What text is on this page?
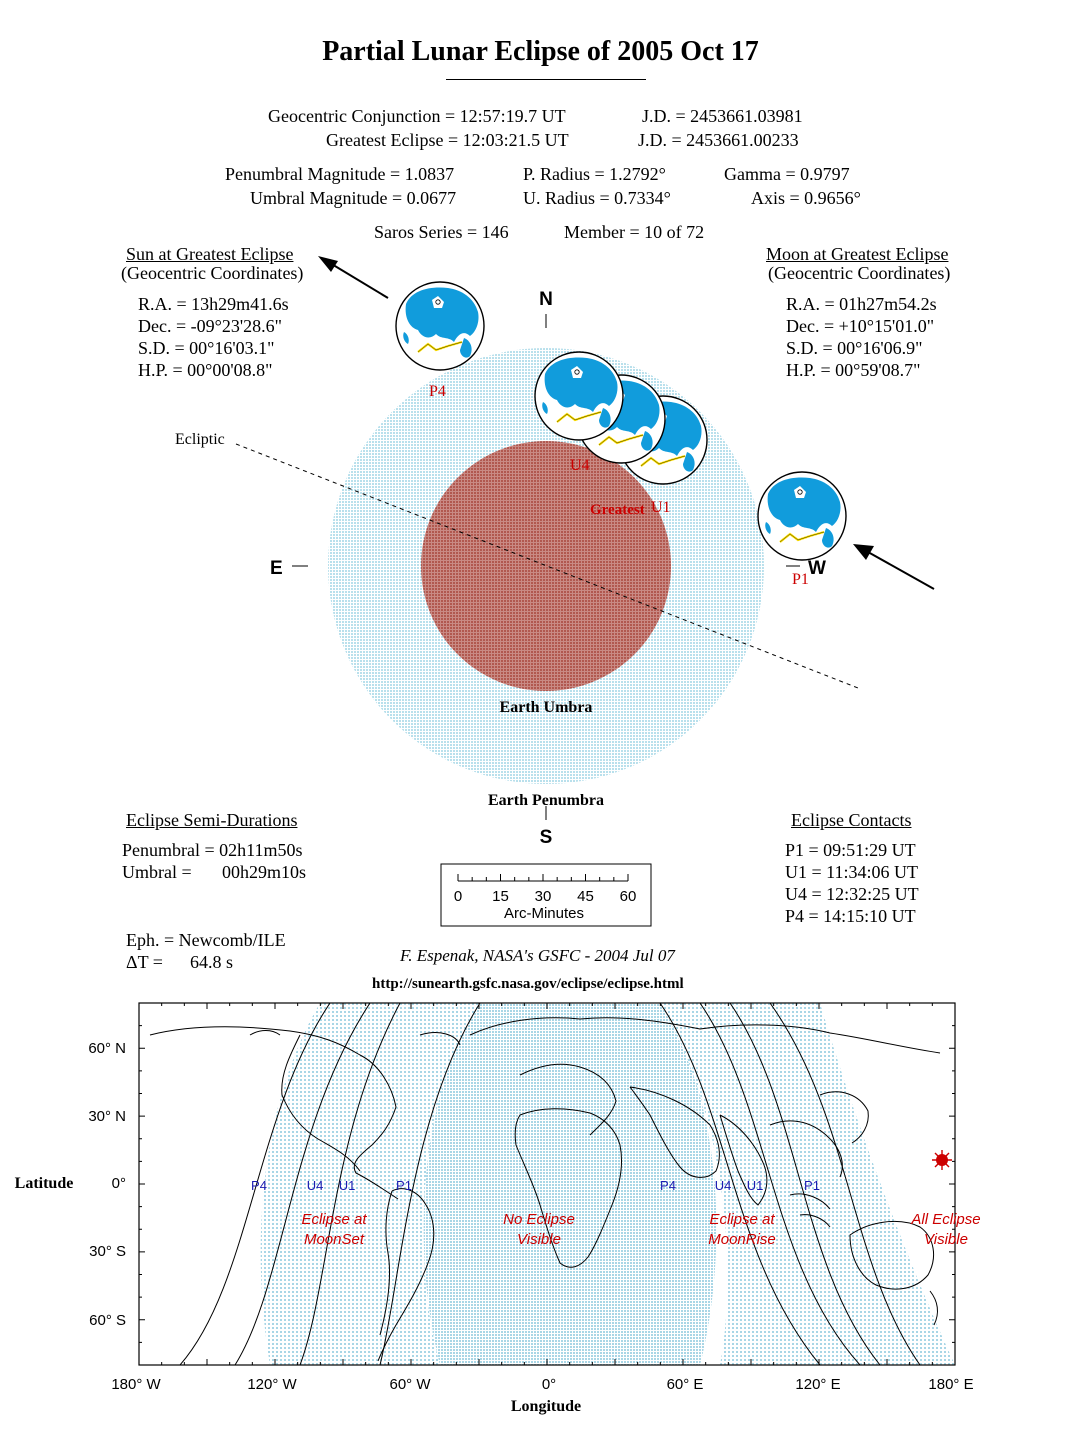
Partial Lunar Eclipse of 2005 Oct 17
Geocentric Conjunction = 12:57:19.7 UT	J.D. = 2453661.03981
Greatest Eclipse = 12:03:21.5 UT	J.D. = 2453661.00233
Penumbral Magnitude = 1.0837	P. Radius = 1.2792°	Gamma = 0.9797
Umbral Magnitude = 0.0677	U. Radius = 0.7334°	Axis = 0.9656°
Saros Series = 146	Member = 10 of 72
Sun at Greatest Eclipse
(Geocentric Coordinates)
R.A. = 13h29m41.6s
Dec. = -09°23'28.6"
S.D. = 00°16'03.1"
H.P. = 00°00'08.8"
Moon at Greatest Eclipse
(Geocentric Coordinates)
R.A. = 01h27m54.2s
Dec. = +10°15'01.0"
S.D. = 00°16'06.9"
H.P. = 00°59'08.7"
N
S
E	W
Ecliptic
Earth Umbra
Earth Penumbra
P1
U1
Greatest
U4
P4
0 15 30 45 60
Arc-Minutes
Eclipse Semi-Durations
Penumbral = 02h11m50s
Umbral = 00h29m10s
Eclipse Contacts
P1 = 09:51:29 UT
U1 = 11:34:06 UT
U4 = 12:32:25 UT
P4 = 14:15:10 UT
Eph. = Newcomb/ILE
ΔT = 64.8 s	F. Espenak, NASA's GSFC - 2004 Jul 07
http://sunearth.gsfc.nasa.gov/eclipse/eclipse.html
Latitude
Longitude
60° N
30° N
0°
30° S
60° S
180° W	120° W	60° W	0°	60° E	120° E	180° E
P4	U4 U1	P1	P4	U4 U1	P1
Eclipse at
MoonSet
No Eclipse
Visible
Eclipse at
MoonRise
All Eclipse
Visible
